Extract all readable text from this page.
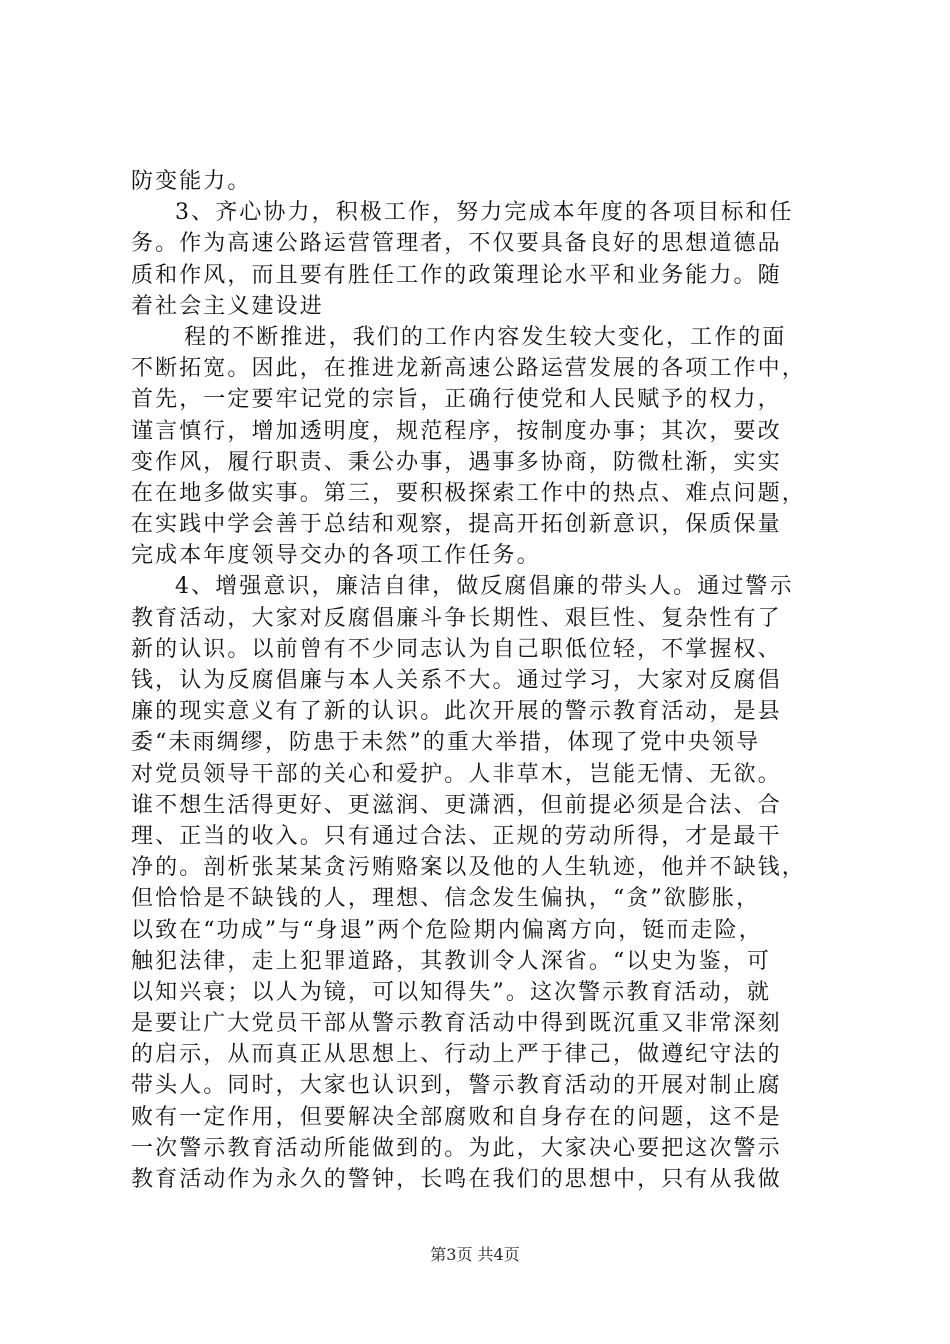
防变能力。
3、齐心协力，积极工作，努力完成本年度的各项目标和任
务。作为高速公路运营管理者，不仅要具备良好的思想道德品
质和作风，而且要有胜任工作的政策理论水平和业务能力。随
着社会主义建设进
程的不断推进，我们的工作内容发生较大变化，工作的面
不断拓宽。因此，在推进龙新高速公路运营发展的各项工作中，
首先，一定要牢记党的宗旨，正确行使党和人民赋予的权力，
谨言慎行，增加透明度，规范程序，按制度办事；其次，要改
变作风，履行职责、秉公办事，遇事多协商，防微杜渐，实实
在在地多做实事。第三，要积极探索工作中的热点、难点问题，
在实践中学会善于总结和观察，提高开拓创新意识，保质保量
完成本年度领导交办的各项工作任务。
4、增强意识，廉洁自律，做反腐倡廉的带头人。通过警示
教育活动，大家对反腐倡廉斗争长期性、艰巨性、复杂性有了
新的认识。以前曾有不少同志认为自己职低位轻，不掌握权、
钱，认为反腐倡廉与本人关系不大。通过学习，大家对反腐倡
廉的现实意义有了新的认识。此次开展的警示教育活动，是县
委“未雨绸缪，防患于未然”的重大举措，体现了党中央领导
对党员领导干部的关心和爱护。人非草木，岂能无情、无欲。
谁不想生活得更好、更滋润、更潇洒，但前提必须是合法、合
理、正当的收入。只有通过合法、正规的劳动所得，才是最干
净的。剖析张某某贪污贿赂案以及他的人生轨迹，他并不缺钱，
但恰恰是不缺钱的人，理想、信念发生偏执，“贪”欲膨胀，
以致在“功成”与“身退”两个危险期内偏离方向，铤而走险，
触犯法律，走上犯罪道路，其教训令人深省。“以史为鉴，可
以知兴衰；以人为镜，可以知得失”。这次警示教育活动，就
是要让广大党员干部从警示教育活动中得到既沉重又非常深刻
的启示，从而真正从思想上、行动上严于律己，做遵纪守法的
带头人。同时，大家也认识到，警示教育活动的开展对制止腐
败有一定作用，但要解决全部腐败和自身存在的问题，这不是
一次警示教育活动所能做到的。为此，大家决心要把这次警示
教育活动作为永久的警钟，长鸣在我们的思想中，只有从我做
第3页 共4页
